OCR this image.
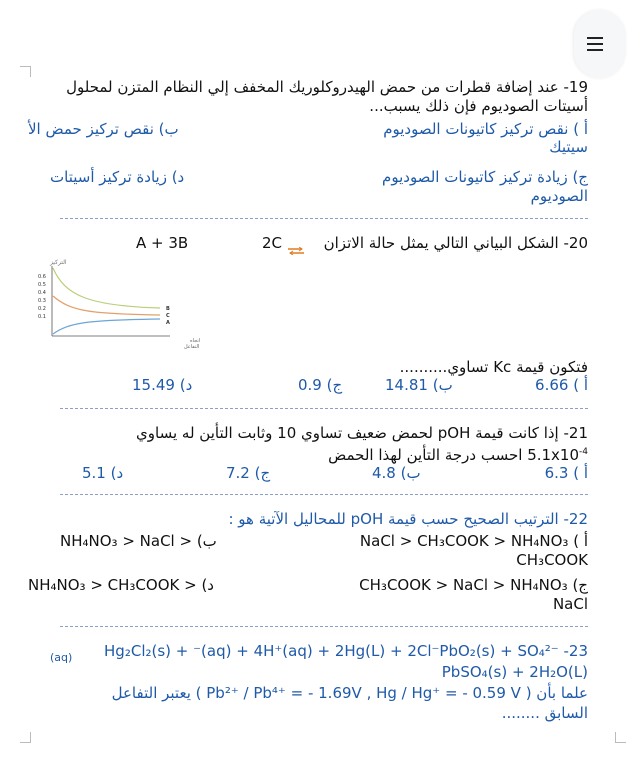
19- عند إضافة قطرات من حمض الهيدروكلوريك المخفف إلي النظام المتزن لمحلول
أسيتات الصوديوم فإن ذلك يسبب...
أ ) نقص تركيز كاتيونات الصوديوم
سيتيك
ب) نقص تركيز حمض الأ
ج) زيادة تركيز كاتيونات الصوديوم
الصوديوم
د) زيادة تركيز أسيتات
20- الشكل البياني التالي يمثل حالة الاتزان
2C ⇌
A + 3B
التركيز
0.6
0.5
0.4
0.3
0.2
0.1
B
C
A
اتجاه
التفاعل
فتكون قيمة Kc تساوي..........
أ ) 6.66
ب) 14.81
ج) 0.9
د) 15.49
21- إذا كانت قيمة pOH لحمض ضعيف تساوي 10 وثابت التأين له يساوي
$5.1x10^{-4}$ احسب درجة التأين لهذا الحمض
أ ) 6.3
ب) 4.8
ج) 7.2
د) 5.1
22- الترتيب الصحيح حسب قيمة pOH للمحاليل الآتية هو :
أ ) NaCl > CH₃COOK > NH₄NO₃
CH₃COOK
ب) NH₄NO₃ > NaCl >
ج) CH₃COOK > NaCl > NH₄NO₃
NaCl
د) NH₄NO₃ > CH₃COOK >
(aq) Hg₂Cl₂(s) + ⁻(aq) + 4H⁺(aq) + 2Hg(L) + 2Cl⁻PbO₂(s) + SO₄²⁻ -23
PbSO₄(s) + 2H₂O(L)
علما بأن ( Pb²⁺ / Pb⁴⁺ = - 1.69V , Hg / Hg⁺ = - 0.59 V ) يعتبر التفاعل
السابق ........
